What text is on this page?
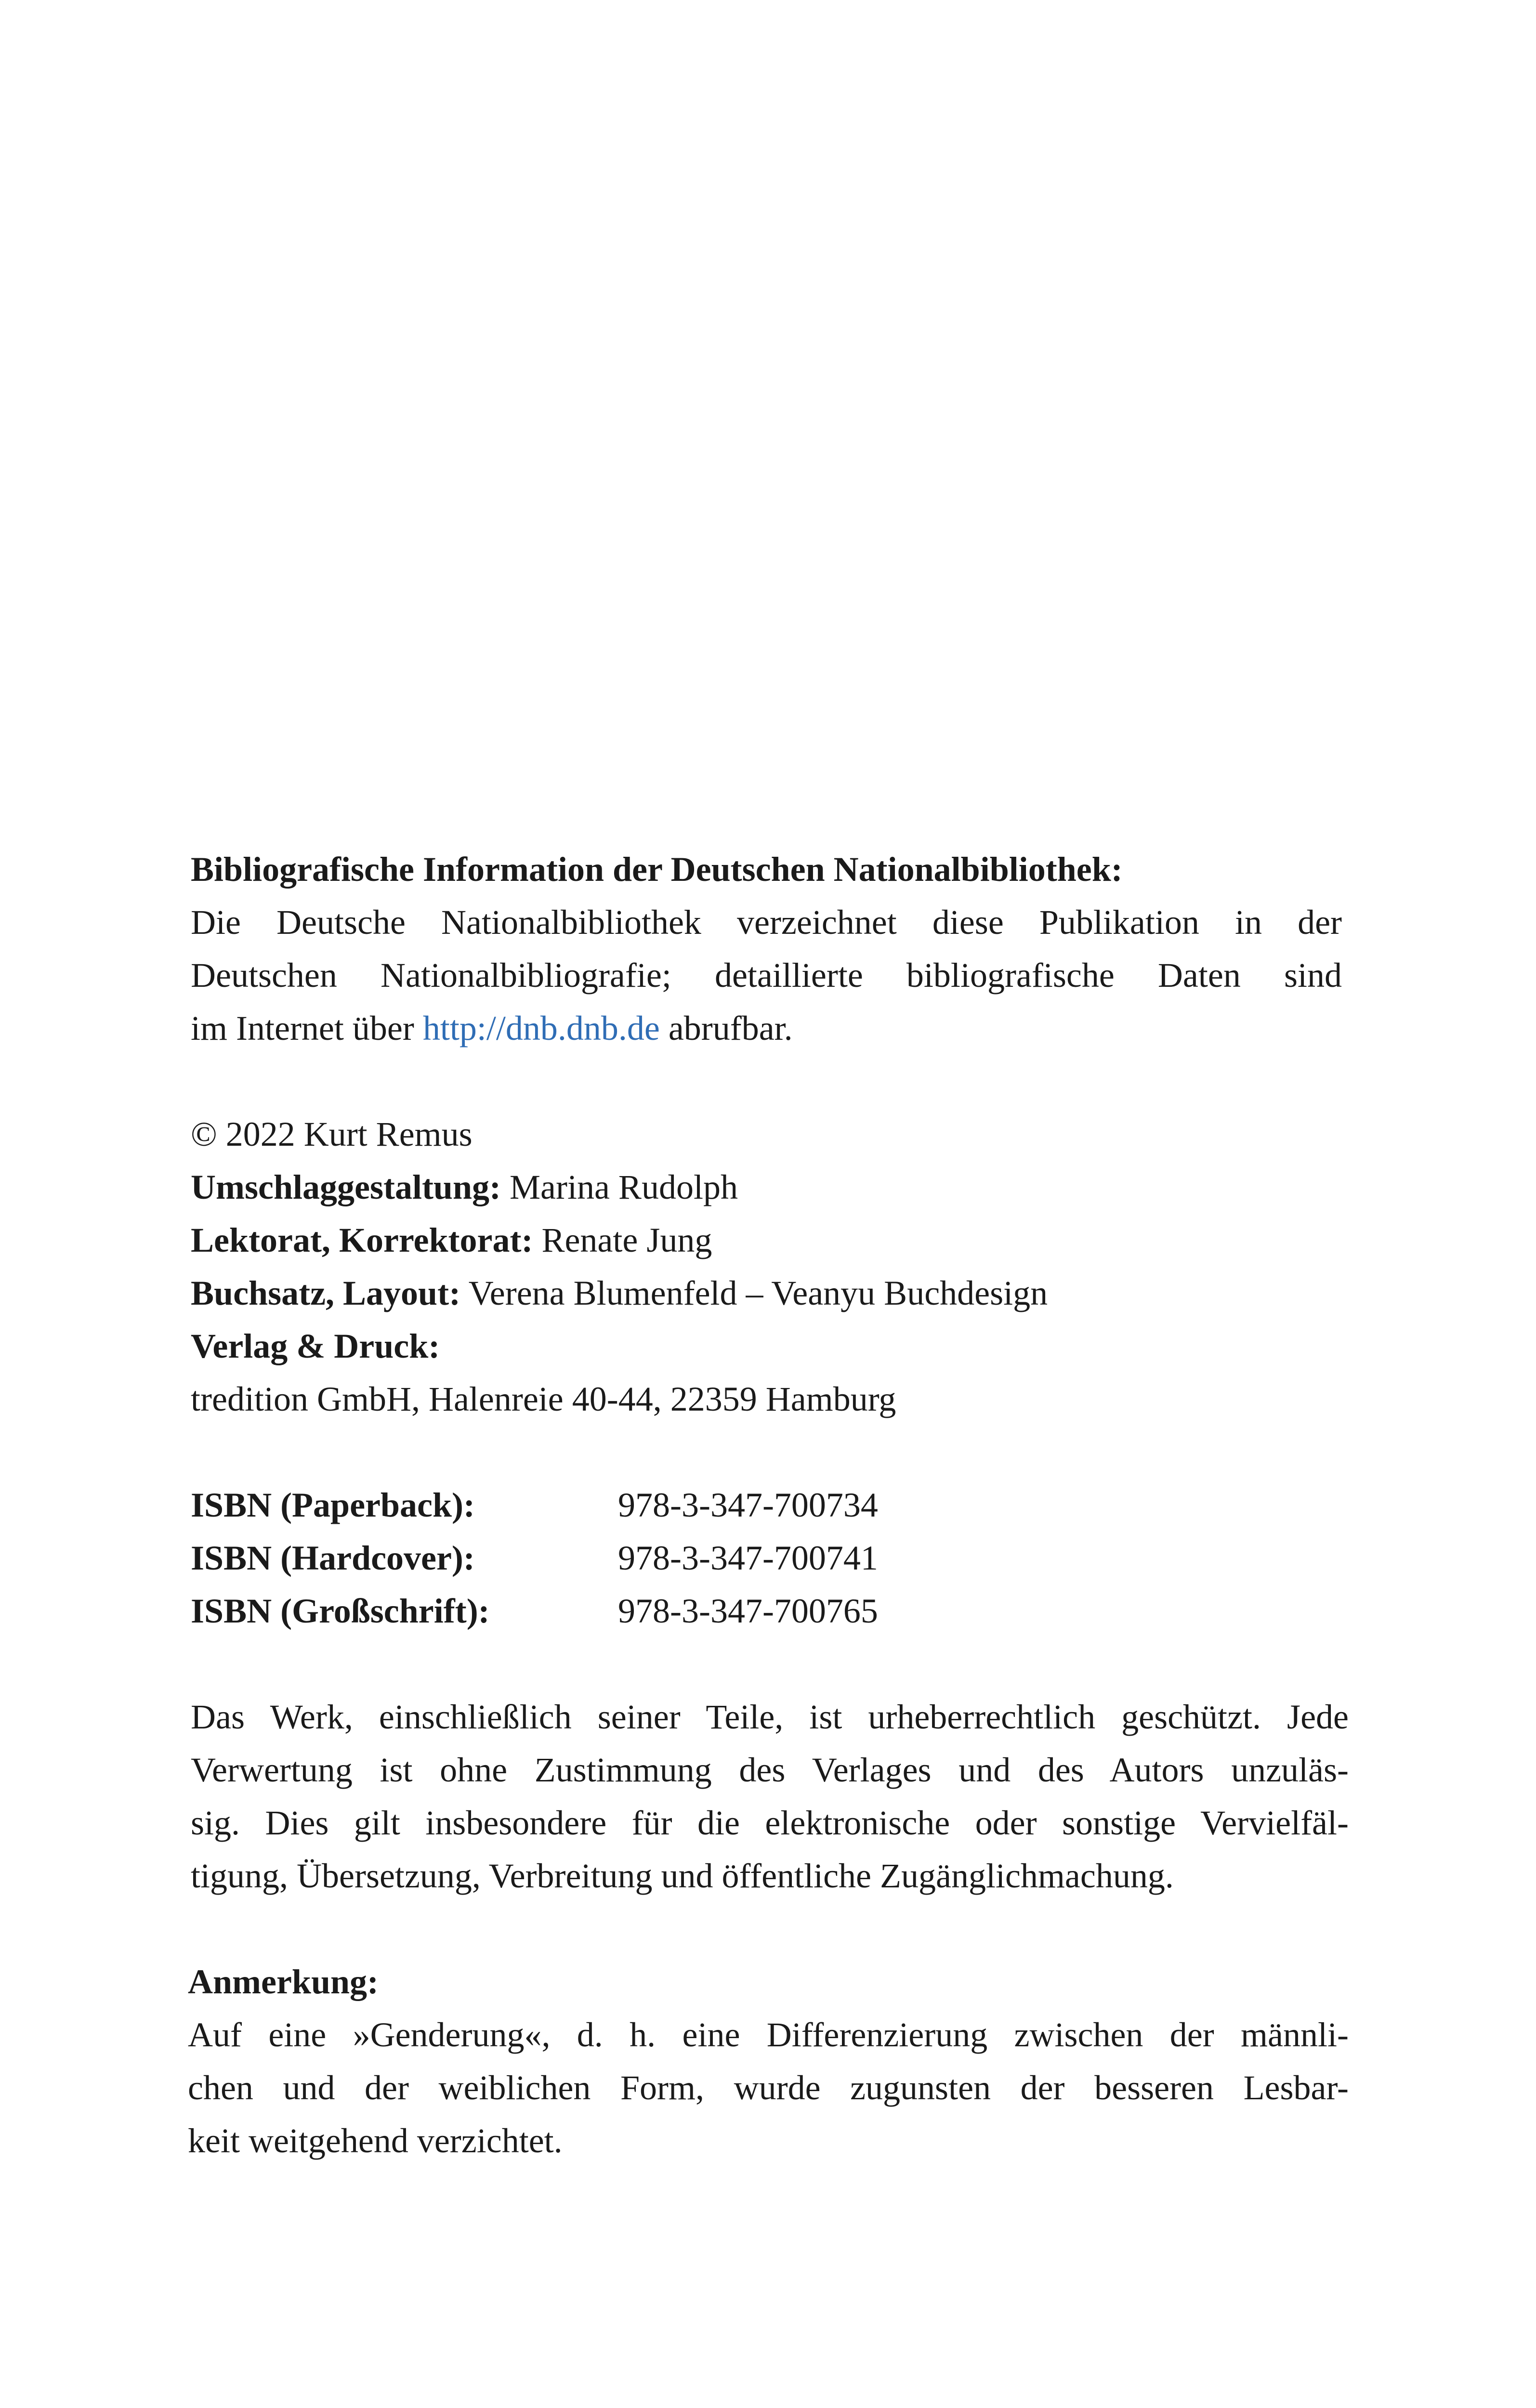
Bibliografische Information der Deutschen Nationalbibliothek:
Die Deutsche Nationalbibliothek verzeichnet diese Publikation in der
Deutschen Nationalbibliografie; detaillierte bibliografische Daten sind
im Internet über http://dnb.dnb.de abrufbar.
© 2022 Kurt Remus
Umschlaggestaltung: Marina Rudolph
Lektorat, Korrektorat: Renate Jung
Buchsatz, Layout: Verena Blumenfeld – Veanyu Buchdesign
Verlag & Druck:
tredition GmbH, Halenreie 40-44, 22359 Hamburg
ISBN (Paperback):	978-3-347-700734
ISBN (Hardcover):	978-3-347-700741
ISBN (Großschrift):	978-3-347-700765
Das Werk, einschließlich seiner Teile, ist urheberrechtlich geschützt. Jede
Verwertung ist ohne Zustimmung des Verlages und des Autors unzuläs-
sig. Dies gilt insbesondere für die elektronische oder sonstige Vervielfäl-
tigung, Übersetzung, Verbreitung und öffentliche Zugänglichmachung.
Anmerkung:
Auf eine »Genderung«, d. h. eine Differenzierung zwischen der männli-
chen und der weiblichen Form, wurde zugunsten der besseren Lesbar-
keit weitgehend verzichtet.
